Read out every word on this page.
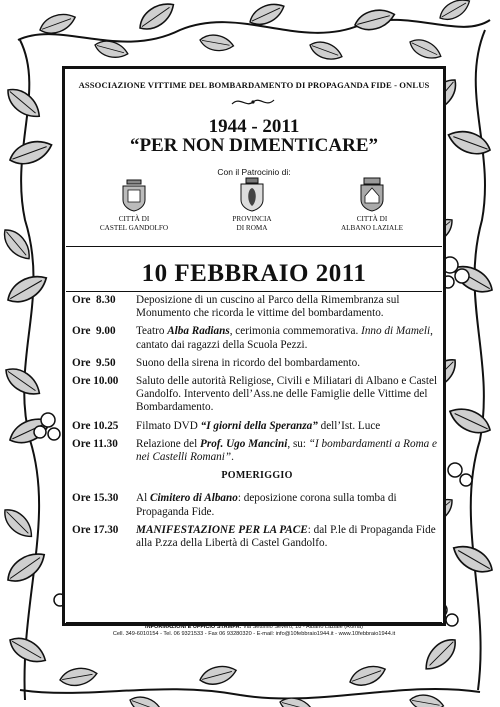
ASSOCIAZIONE VITTIME DEL BOMBARDAMENTO DI PROPAGANDA FIDE - ONLUS
1944 - 2011
“PER NON DIMENTICARE”
Con il Patrocinio di:
CITTÀ DI
CASTEL GANDOLFO
PROVINCIA
DI ROMA
CITTÀ DI
ALBANO LAZIALE
10 FEBBRAIO 2011
Ore  8.30	Deposizione di un cuscino al Parco della Rimembranza sul Monumento che ricorda le vittime del bombardamento.
Ore  9.00	Teatro Alba Radians, cerimonia commemorativa. Inno di Mameli, cantato dai ragazzi della Scuola Pezzi.
Ore  9.50	Suono della sirena in ricordo del bombardamento.
Ore 10.00	Saluto delle autorità Religiose, Civili e Miliatari di Albano e Castel Gandolfo. Intervento dell’Ass.ne delle Famiglie delle Vittime del Bombardamento.
Ore 10.25	Filmato DVD “I giorni della Speranza” dell’Ist. Luce
Ore 11.30	Relazione del Prof. Ugo Mancini, su: “I bombardamenti a Roma e nei Castelli Romani”.
POMERIGGIO
Ore 15.30	Al Cimitero di Albano: deposizione corona sulla tomba di Propaganda Fide.
Ore 17.30	MANIFESTAZIONE PER LA PACE: dal P.le di Propaganda Fide alla P.zza della Libertà di Castel Gandolfo.
INFORMAZIONI E UFFICIO STAMPA: Via Settimio Severo, 18 - Albano Laziale (Roma)
Cell. 349-6010154 - Tel. 06 9321533 - Fax 06 93280320 - E-mail: info@10febbraio1944.it - www.10febbraio1944.it
